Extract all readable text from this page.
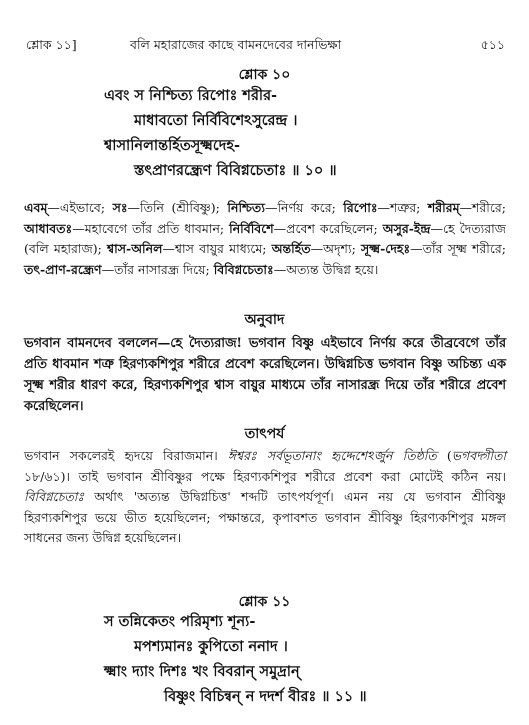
শ্লোক ১১]	বলি মহারাজের কাছে বামনদেবের দানভিক্ষা	৫১১
শ্লোক ১০
এবং স নিশ্চিত্য রিপোঃ শরীর-
মাধাবতো নির্বিবিশেঽসুরেন্দ্র ।
শ্বাসানিলান্তর্হিতসূক্ষ্মদেহ-
স্তৎপ্রাণরন্ধ্রেণ বিবিগ্নচেতাঃ ॥ ১০ ॥
এবম্—এইভাবে; সঃ—তিনি (শ্রীবিষ্ণু); নিশ্চিত্য—নির্ণয় করে; রিপোঃ—শত্রুর; শরীরম্—শরীরে; আধাবতঃ—মহাবেগে তাঁর প্রতি ধাবমান; নির্বিবিশে—প্রবেশ করেছিলেন; অসুর-ইন্দ্র—হে দৈত্যরাজ (বলি মহারাজ); শ্বাস-অনিল—শ্বাস বায়ুর মাধ্যমে; অন্তর্হিত—অদৃশ্য; সূক্ষ্ম-দেহঃ—তাঁর সূক্ষ্ম শরীরে; তৎ-প্রাণ-রন্ধ্রেণ—তাঁর নাসারন্ধ্র দিয়ে; বিবিগ্নচেতাঃ—অত্যন্ত উদ্বিগ্ন হয়ে।
অনুবাদ
ভগবান বামনদেব বললেন—হে দৈত্যরাজ! ভগবান বিষ্ণু এইভাবে নির্ণয় করে তীব্রবেগে তাঁর প্রতি ধাবমান শত্রু হিরণ্যকশিপুর শরীরে প্রবেশ করেছিলেন। উদ্বিগ্নচিত্ত ভগবান বিষ্ণু অচিন্ত্য এক সূক্ষ্ম শরীর ধারণ করে, হিরণ্যকশিপুর শ্বাস বায়ুর মাধ্যমে তাঁর নাসারন্ধ্র দিয়ে তাঁর শরীরে প্রবেশ করেছিলেন।
তাৎপর্য
ভগবান সকলেরই হৃদয়ে বিরাজমান। ঈশ্বরঃ সর্বভূতানাং হৃদ্দেশেঽর্জুন তিষ্ঠতি (ভগবদ্গীতা ১৮/৬১)। তাই ভগবান শ্রীবিষ্ণুর পক্ষে হিরণ্যকশিপুর শরীরে প্রবেশ করা মোটেই কঠিন নয়। বিবিগ্নচেতাঃ অর্থাৎ 'অত্যন্ত উদ্বিগ্নচিত্ত' শব্দটি তাৎপর্যপূর্ণ। এমন নয় যে ভগবান শ্রীবিষ্ণু হিরণ্যকশিপুর ভয়ে ভীত হয়েছিলেন; পক্ষান্তরে, কৃপাবশত ভগবান শ্রীবিষ্ণু হিরণ্যকশিপুর মঙ্গল সাধনের জন্য উদ্বিগ্ন হয়েছিলেন।
শ্লোক ১১
স তন্নিকেতং পরিমৃশ্য শূন্য-
মপশ্যমানঃ কুপিতো ননাদ ।
ক্ষ্মাং দ্যাং দিশঃ খং বিবরান্ সমুদ্রান্
বিষ্ণুং বিচিন্বন্ ন দদর্শ বীরঃ ॥ ১১ ॥
